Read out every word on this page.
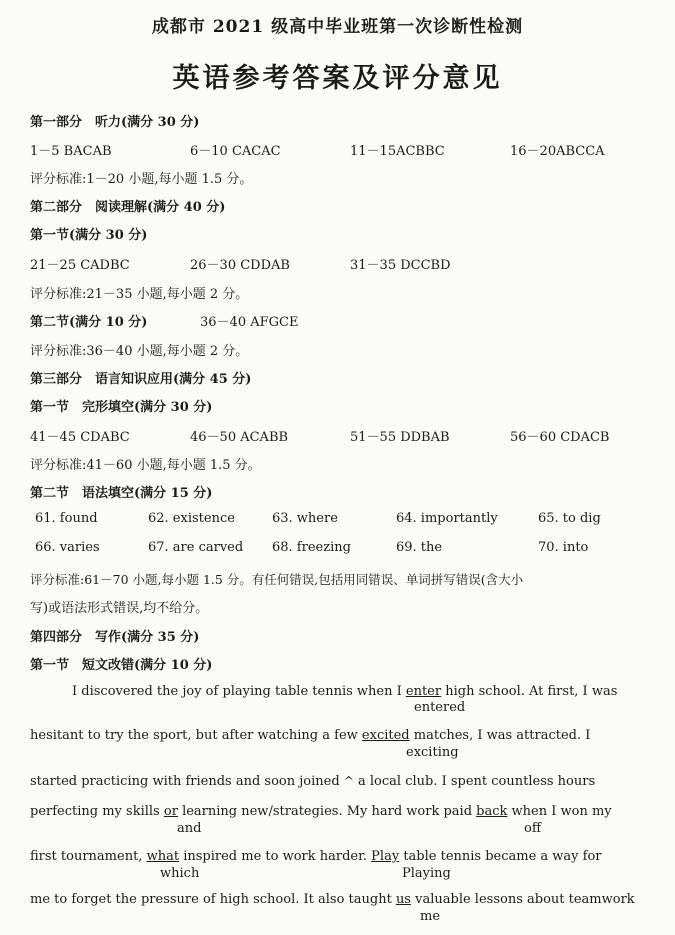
成都市 2021 级高中毕业班第一次诊断性检测
英语参考答案及评分意见
第一部分　听力(满分 30 分)
1－5 BACAB	6－10 CACAC	11－15ACBBC	16－20ABCCA
评分标准:1－20 小题,每小题 1.5 分。
第二部分　阅读理解(满分 40 分)
第一节(满分 30 分)
21－25 CADBC	26－30 CDDAB	31－35 DCCBD
评分标准:21－35 小题,每小题 2 分。
第二节(满分 10 分)	36－40 AFGCE
评分标准:36－40 小题,每小题 2 分。
第三部分　语言知识应用(满分 45 分)
第一节　完形填空(满分 30 分)
41－45 CDABC	46－50 ACABB	51－55 DDBAB	56－60 CDACB
评分标准:41－60 小题,每小题 1.5 分。
第二节　语法填空(满分 15 分)
61. found	62. existence	63. where	64. importantly	65. to dig
66. varies	67. are carved 68. freezing	69. the	70. into
评分标准:61－70 小题,每小题 1.5 分。有任何错误,包括用同错误、单词拼写错误(含大小
写)或语法形式错误,均不给分。
第四部分　写作(满分 35 分)
第一节　短文改错(满分 10 分)
I discovered the joy of playing table tennis when I enter high school. At first, I was
entered
hesitant to try the sport, but after watching a few excited matches, I was attracted. I
exciting
started practicing with friends and soon joined ^ a local club. I spent countless hours
perfecting my skills or learning new/strategies. My hard work paid back when I won my
and	off
first tournament, what inspired me to work harder. Play table tennis became a way for
which	Playing
me to forget the pressure of high school. It also taught us valuable lessons about teamwork
me
